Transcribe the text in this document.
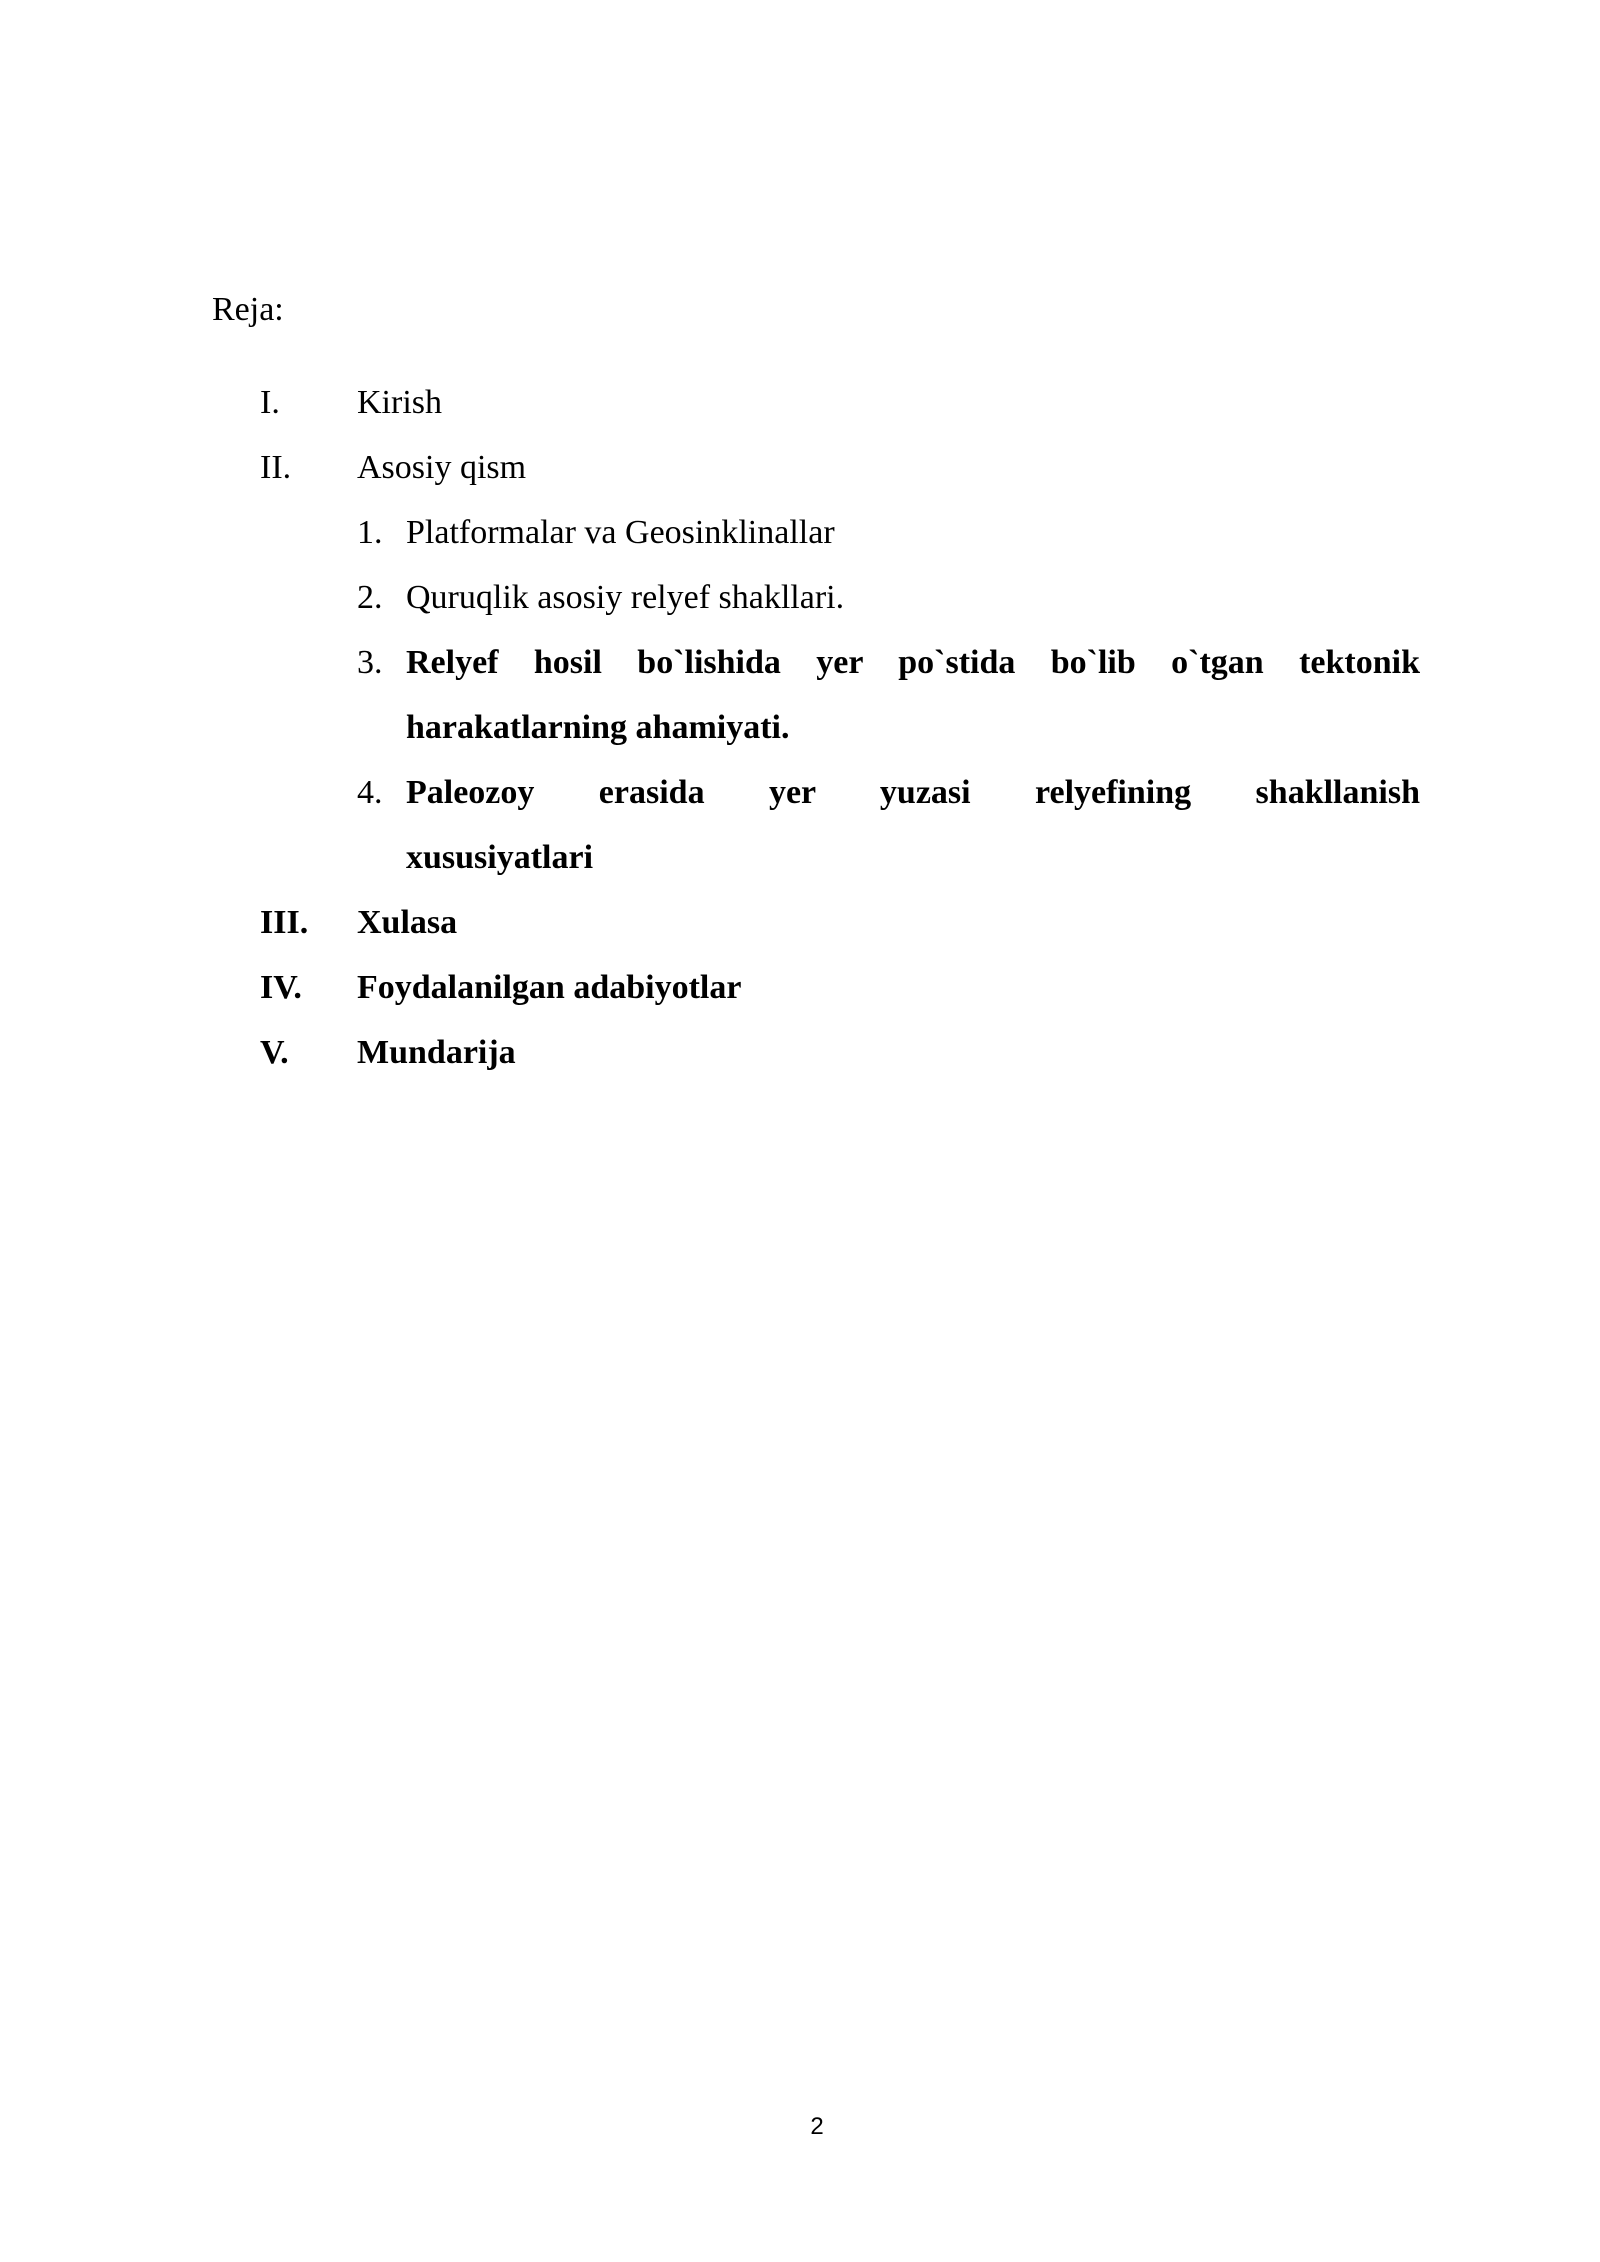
Reja:
I. Kirish
II. Asosiy qism
1. Platformalar va Geosinklinallar
2. Quruqlik asosiy relyef shakllari.
3. Relyef hosil bo`lishida yer po`stida bo`lib o`tgan tektonik
harakatlarning ahamiyati.
4. Paleozoy erasida yer yuzasi relyefining shakllanish
xususiyatlari
III. Xulasa
IV. Foydalanilgan adabiyotlar
V. Mundarija
2
